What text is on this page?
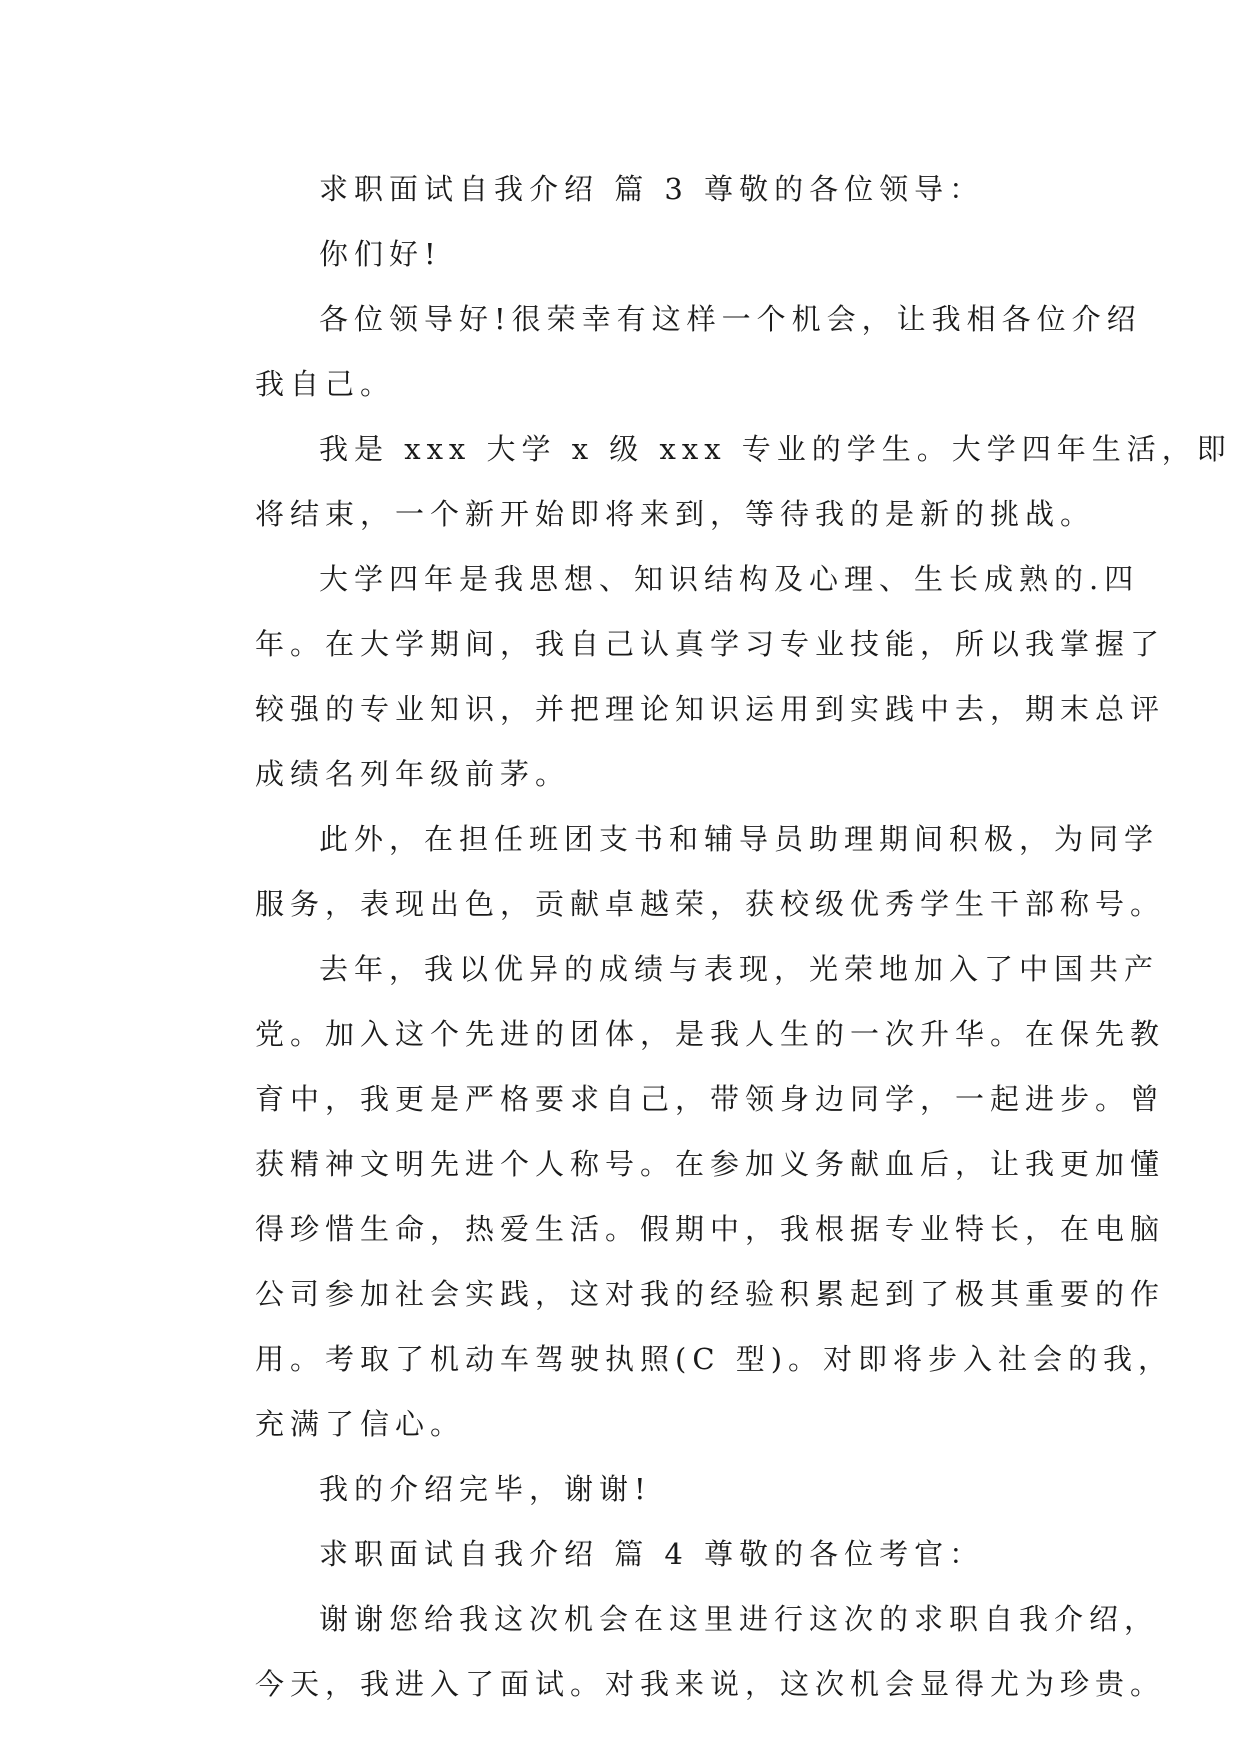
求职面试自我介绍 篇 3 尊敬的各位领导：
你们好!
各位领导好!很荣幸有这样一个机会，让我相各位介绍
我自己。
我是 xxx 大学 x 级 xxx 专业的学生。大学四年生活，即
将结束，一个新开始即将来到，等待我的是新的挑战。
大学四年是我思想、知识结构及心理、生长成熟的.四
年。在大学期间，我自己认真学习专业技能，所以我掌握了
较强的专业知识，并把理论知识运用到实践中去，期末总评
成绩名列年级前茅。
此外，在担任班团支书和辅导员助理期间积极，为同学
服务，表现出色，贡献卓越荣，获校级优秀学生干部称号。
去年，我以优异的成绩与表现，光荣地加入了中国共产
党。加入这个先进的团体，是我人生的一次升华。在保先教
育中，我更是严格要求自己，带领身边同学，一起进步。曾
获精神文明先进个人称号。在参加义务献血后，让我更加懂
得珍惜生命，热爱生活。假期中，我根据专业特长，在电脑
公司参加社会实践，这对我的经验积累起到了极其重要的作
用。考取了机动车驾驶执照(C 型)。对即将步入社会的我，
充满了信心。
我的介绍完毕，谢谢!
求职面试自我介绍 篇 4 尊敬的各位考官：
谢谢您给我这次机会在这里进行这次的求职自我介绍，
今天，我进入了面试。对我来说，这次机会显得尤为珍贵。
